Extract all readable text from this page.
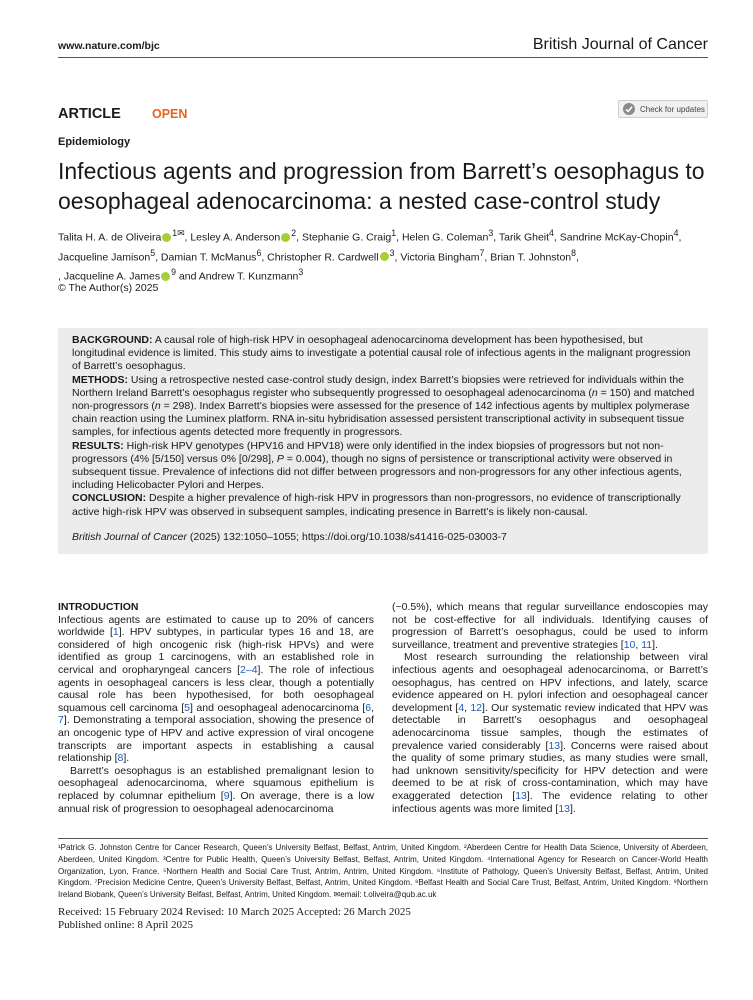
www.nature.com/bjc	British Journal of Cancer
ARTICLE OPEN	Check for updates
Epidemiology
Infectious agents and progression from Barrett’s oesophagus to oesophageal adenocarcinoma: a nested case-control study
Talita H. A. de Oliveira $^{1✉}$, Lesley A. Anderson $^2$, Stephanie G. Craig$^1$, Helen G. Coleman$^3$, Tarik Gheit$^4$, Sandrine McKay-Chopin$^4$, Jacqueline Jamison$^5$, Damian T. McManus$^6$, Christopher R. Cardwell $^3$, Victoria Bingham$^7$, Brian T. Johnston$^8$,
, Jacqueline A. James $^9$ and Andrew T. Kunzmann$^3$
© The Author(s) 2025

BACKGROUND: A causal role of high-risk HPV in oesophageal adenocarcinoma development has been hypothesised, but longitudinal evidence is limited. This study aims to investigate a potential causal role of infectious agents in the malignant progression of Barrett’s oesophagus.

METHODS: Using a retrospective nested case-control study design, index Barrett’s biopsies were retrieved for individuals within the Northern Ireland Barrett’s oesophagus register who subsequently progressed to oesophageal adenocarcinoma (n = 150) and matched non-progressors (n = 298). Index Barrett’s biopsies were assessed for the presence of 142 infectious agents by multiplex polymerase chain reaction using the Luminex platform. RNA in-situ hybridisation assessed persistent transcriptional activity in subsequent tissue samples, for infectious agents detected more frequently in progressors.

RESULTS: High-risk HPV genotypes (HPV16 and HPV18) were only identified in the index biopsies of progressors but not non-progressors (4% [5/150] versus 0% [0/298], P = 0.004), though no signs of persistence or transcriptional activity were observed in subsequent tissue. Prevalence of infections did not differ between progressors and non-progressors for any other infectious agents, including Helicobacter Pylori and Herpes.

CONCLUSION: Despite a higher prevalence of high-risk HPV in progressors than non-progressors, no evidence of transcriptionally active high-risk HPV was observed in subsequent samples, indicating presence in Barrett’s is likely non-causal.

British Journal of Cancer (2025) 132:1050–1055; https://doi.org/10.1038/s41416-025-03003-7

INTRODUCTION

Infectious agents are estimated to cause up to 20% of cancers worldwide [1]. HPV subtypes, in particular types 16 and 18, are considered of high oncogenic risk (high-risk HPVs) and were identified as group 1 carcinogens, with an established role in cervical and oropharyngeal cancers [2–4]. The role of infectious agents in oesophageal cancers is less clear, though a potentially causal role has been hypothesised, for both oesophageal squamous cell carcinoma [5] and oesophageal adenocarcinoma [6, 7]. Demonstrating a temporal association, showing the presence of an oncogenic type of HPV and active expression of viral oncogene transcripts are important aspects in establishing a causal relationship [8].

Barrett’s oesophagus is an established premalignant lesion to oesophageal adenocarcinoma, where squamous epithelium is replaced by columnar epithelium [9]. On average, there is a low annual risk of progression to oesophageal adenocarcinoma

(~0.5%), which means that regular surveillance endoscopies may not be cost-effective for all individuals. Identifying causes of progression of Barrett’s oesophagus, could be used to inform surveillance, treatment and preventive strategies [10, 11].

Most research surrounding the relationship between viral infectious agents and oesophageal adenocarcinoma, or Barrett’s oesophagus, has centred on HPV infections, and lately, scarce evidence appeared on H. pylori infection and oesophageal cancer development [4, 12]. Our systematic review indicated that HPV was detectable in Barrett’s oesophagus and oesophageal adenocarcinoma tissue samples, though the estimates of prevalence varied considerably [13]. Concerns were raised about the quality of some primary studies, as many studies were small, had unknown sensitivity/specificity for HPV detection and were deemed to be at risk of cross-contamination, which may have exaggerated detection [13]. The evidence relating to other infectious agents was more limited [13].

¹Patrick G. Johnston Centre for Cancer Research, Queen’s University Belfast, Belfast, Antrim, United Kingdom. ²Aberdeen Centre for Health Data Science, University of Aberdeen, Aberdeen, United Kingdom. ³Centre for Public Health, Queen’s University Belfast, Belfast, Antrim, United Kingdom. ⁴International Agency for Research on Cancer-World Health Organization, Lyon, France. ⁵Northern Health and Social Care Trust, Antrim, Antrim, United Kingdom. ⁶Institute of Pathology, Queen’s University Belfast, Belfast, Antrim, United Kingdom. ⁷Precision Medicine Centre, Queen’s University Belfast, Belfast, Antrim, United Kingdom. ⁸Belfast Health and Social Care Trust, Belfast, Antrim, United Kingdom. ⁹Northern Ireland Biobank, Queen’s University Belfast, Belfast, Antrim, United Kingdom. ✉email: t.oliveira@qub.ac.uk
Received: 15 February 2024 Revised: 10 March 2025 Accepted: 26 March 2025
Published online: 8 April 2025
